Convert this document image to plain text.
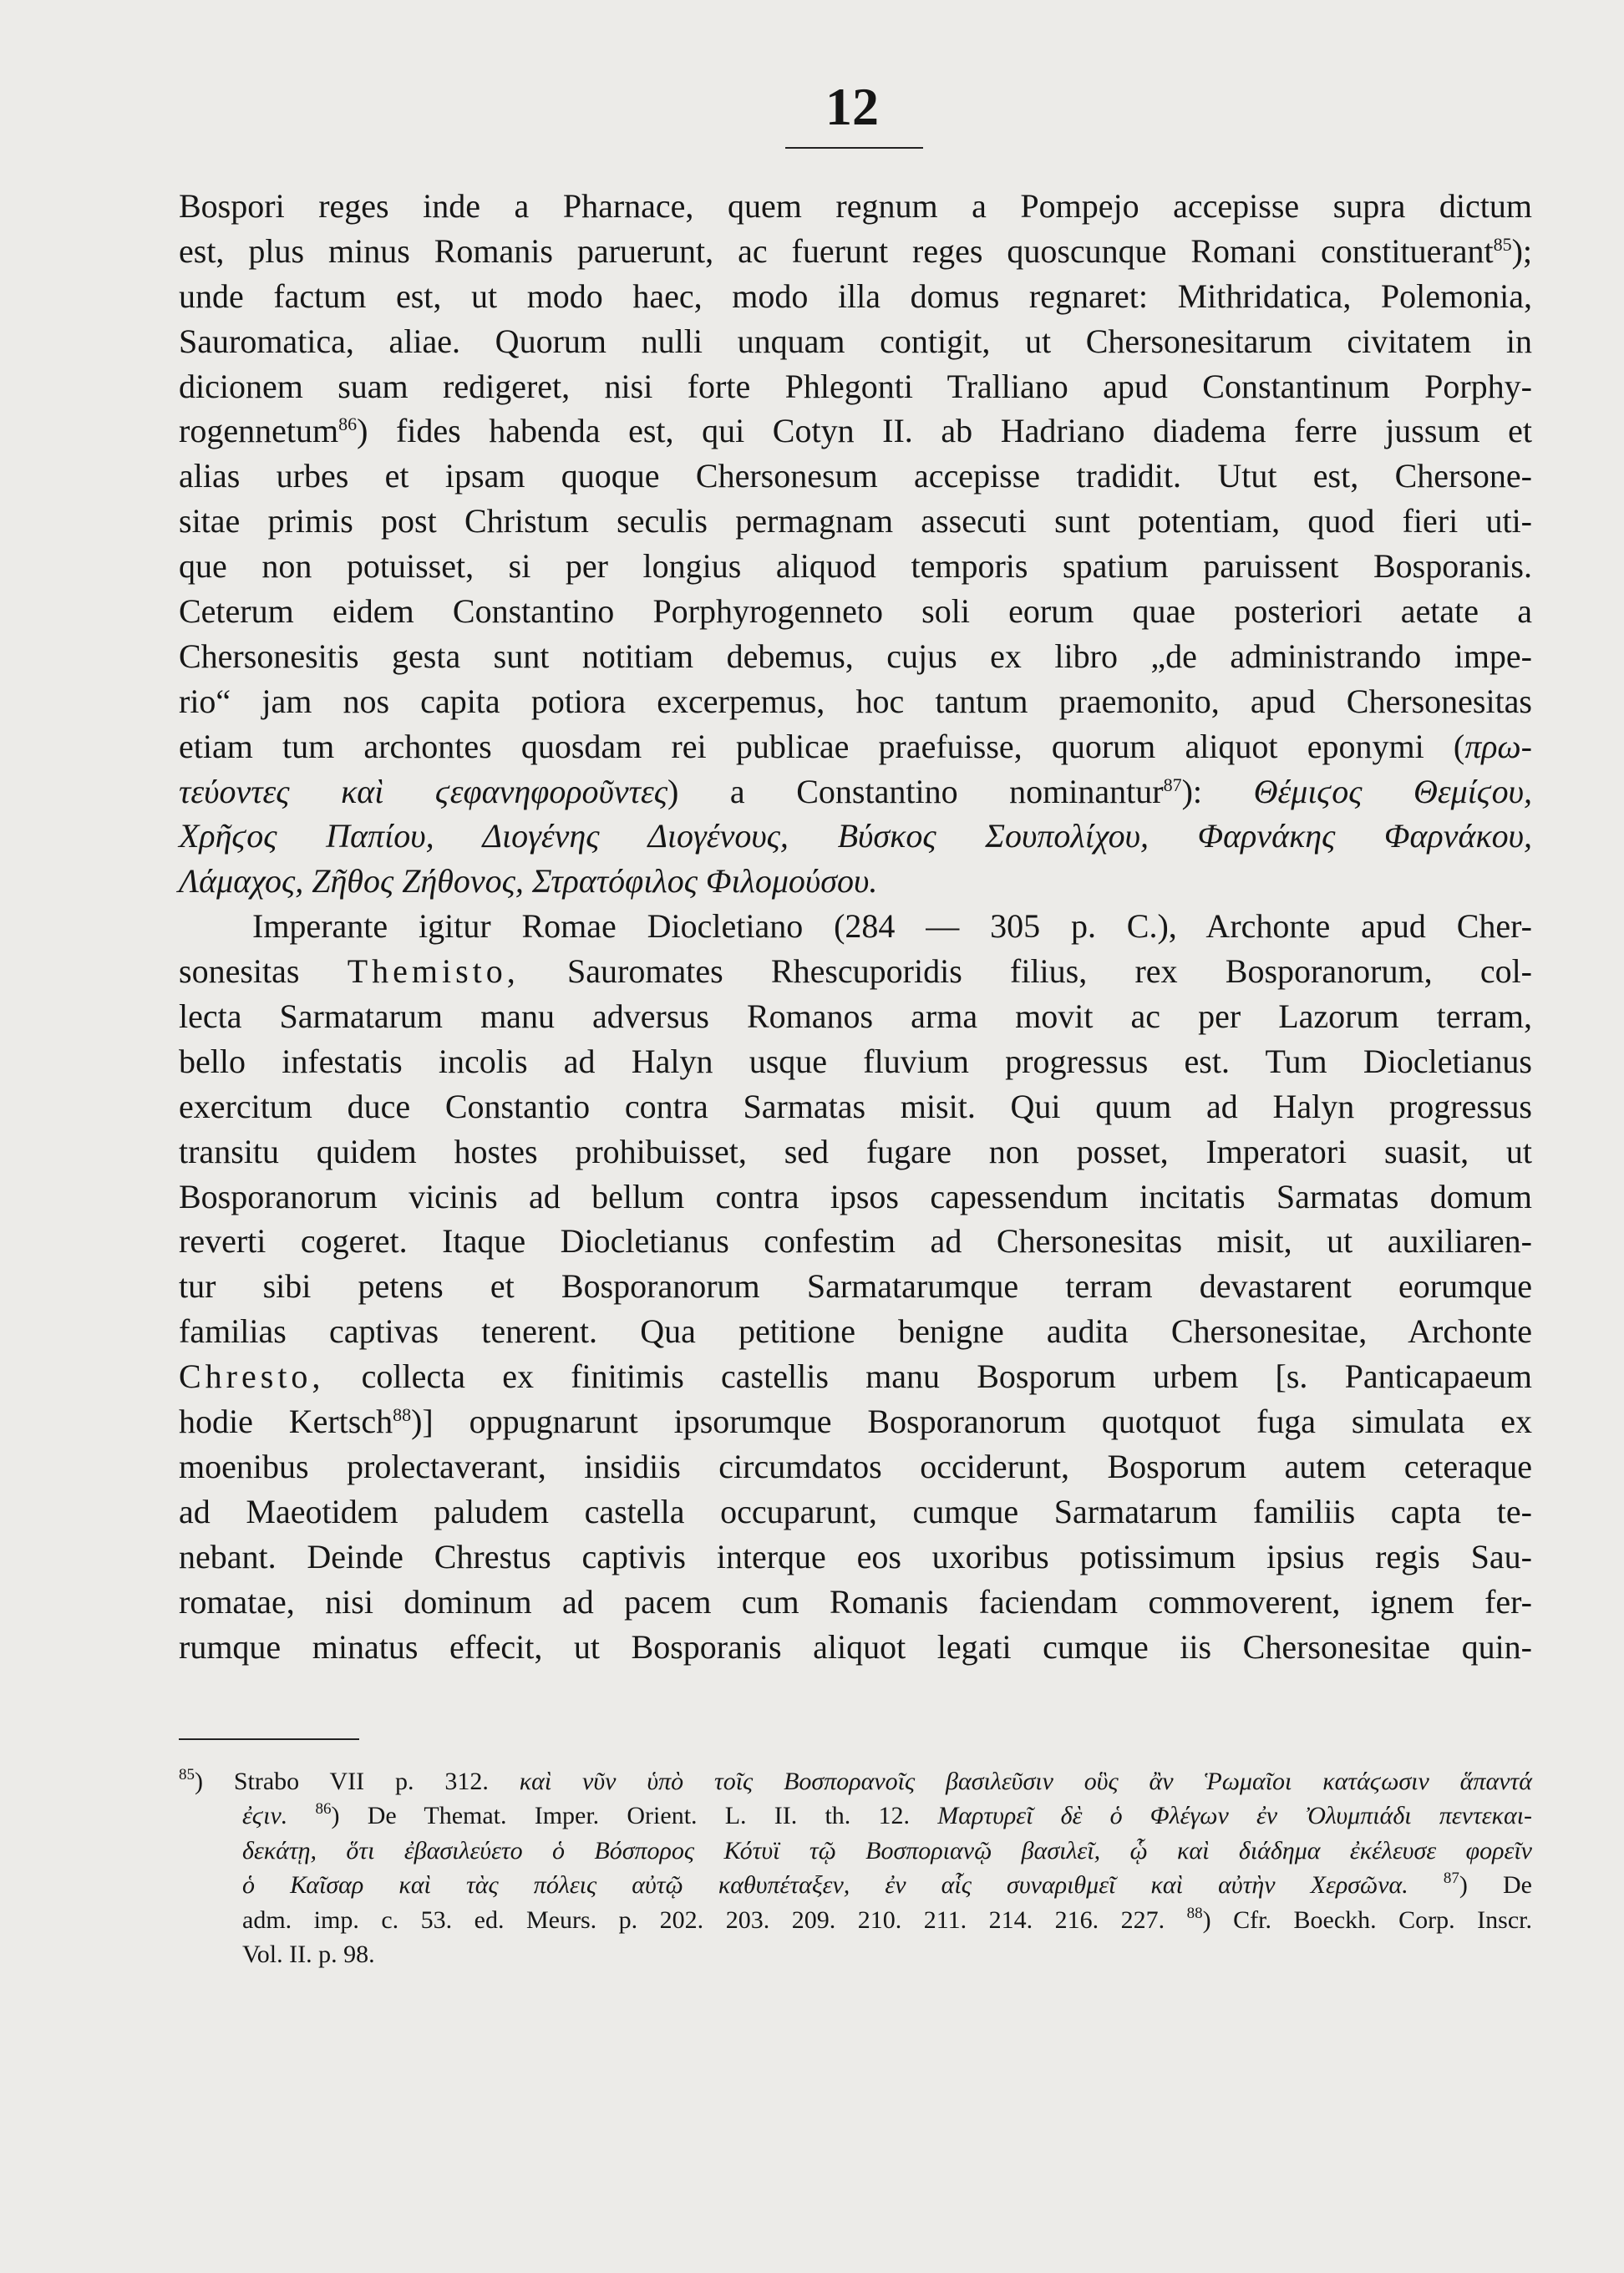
12
Bospori reges inde a Pharnace, quem regnum a Pompejo accepisse supra dictum
est, plus minus Romanis paruerunt, ac fuerunt reges quoscunque Romani constituerant$^{85}$);
unde factum est, ut modo haec, modo illa domus regnaret: Mithridatica, Polemonia,
Sauromatica, aliae. Quorum nulli unquam contigit, ut Chersonesitarum civitatem in
dicionem suam redigeret, nisi forte Phlegonti Tralliano apud Constantinum Porphy-
rogennetum$^{86}$) fides habenda est, qui Cotyn II. ab Hadriano diadema ferre jussum et
alias urbes et ipsam quoque Chersonesum accepisse tradidit. Utut est, Chersone-
sitae primis post Christum seculis permagnam assecuti sunt potentiam, quod fieri uti-
que non potuisset, si per longius aliquod temporis spatium paruissent Bosporanis.
Ceterum eidem Constantino Porphyrogenneto soli eorum quae posteriori aetate a
Chersonesitis gesta sunt notitiam debemus, cujus ex libro „de administrando impe-
rio“ jam nos capita potiora excerpemus, hoc tantum praemonito, apud Chersonesitas
etiam tum archontes quosdam rei publicae praefuisse, quorum aliquot eponymi (πρω-
τεύοντες καὶ ϛεφανηφοροῦντες) a Constantino nominantur$^{87}$): Θέμιϛος Θεμίϛου,
Χρῆϛος Παπίου, Διογένης Διογένους, Βύσκος Σουπολίχου, Φαρνάκης Φαρνάκου,
Λάμαχος, Ζῆθος Ζήθονος, Στρατόφιλος Φιλομούσου.
Imperante igitur Romae Diocletiano (284 — 305 p. C.), Archonte apud Cher-
sonesitas Themisto, Sauromates Rhescuporidis filius, rex Bosporanorum, col-
lecta Sarmatarum manu adversus Romanos arma movit ac per Lazorum terram,
bello infestatis incolis ad Halyn usque fluvium progressus est. Tum Diocletianus
exercitum duce Constantio contra Sarmatas misit. Qui quum ad Halyn progressus
transitu quidem hostes prohibuisset, sed fugare non posset, Imperatori suasit, ut
Bosporanorum vicinis ad bellum contra ipsos capessendum incitatis Sarmatas domum
reverti cogeret. Itaque Diocletianus confestim ad Chersonesitas misit, ut auxiliaren-
tur sibi petens et Bosporanorum Sarmatarumque terram devastarent eorumque
familias captivas tenerent. Qua petitione benigne audita Chersonesitae, Archonte
Chresto, collecta ex finitimis castellis manu Bosporum urbem [s. Panticapaeum
hodie Kertsch$^{88}$)] oppugnarunt ipsorumque Bosporanorum quotquot fuga simulata ex
moenibus prolectaverant, insidiis circumdatos occiderunt, Bosporum autem ceteraque
ad Maeotidem paludem castella occuparunt, cumque Sarmatarum familiis capta te-
nebant. Deinde Chrestus captivis interque eos uxoribus potissimum ipsius regis Sau-
romatae, nisi dominum ad pacem cum Romanis faciendam commoverent, ignem fer-
rumque minatus effecit, ut Bosporanis aliquot legati cumque iis Chersonesitae quin-
$^{85}$) Strabo VII p. 312. καὶ νῦν ὑπὸ τοῖς Βοσπορανοῖς βασιλεῦσιν οὓς ἂν Ῥωμαῖοι κατάϛωσιν ἅπαντά
ἐϛιν. $^{86}$) De Themat. Imper. Orient. L. II. th. 12. Μαρτυρεῖ δὲ ὁ Φλέγων ἐν Ὀλυμπιάδι πεντεκαι-
δεκάτῃ, ὅτι ἐβασιλεύετο ὁ Βόσπορος Κότυϊ τῷ Βοσποριανῷ βασιλεῖ, ᾧ καὶ διάδημα ἐκέλευσε φορεῖν
ὁ Καῖσαρ καὶ τὰς πόλεις αὐτῷ καθυπέταξεν, ἐν αἷς συναριθμεῖ καὶ αὐτὴν Χερσῶνα. $^{87}$) De
adm. imp. c. 53. ed. Meurs. p. 202. 203. 209. 210. 211. 214. 216. 227. $^{88}$) Cfr. Boeckh. Corp. Inscr.
Vol. II. p. 98.
